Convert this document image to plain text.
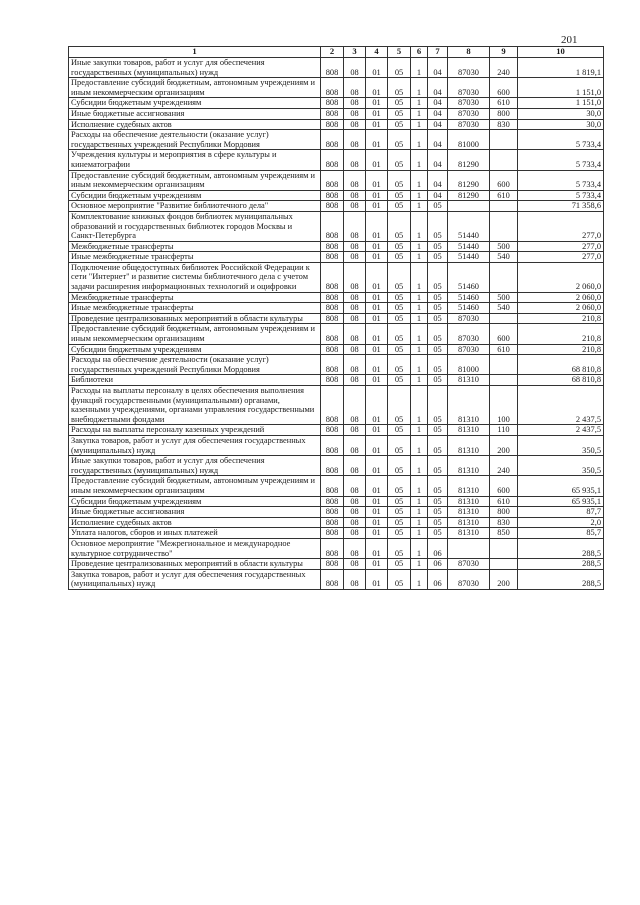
201
1	2	3	4	5	6	7	8	9	10
Иные закупки товаров, работ и услуг для обеспечения государственных (муниципальных) нужд	808	08	01	05	1	04	87030	240	1 819,1
Предоставление субсидий бюджетным, автономным учреждениям и иным некоммерческим организациям	808	08	01	05	1	04	87030	600	1 151,0
Субсидии бюджетным учреждениям	808	08	01	05	1	04	87030	610	1 151,0
Иные бюджетные ассигнования	808	08	01	05	1	04	87030	800	30,0
Исполнение судебных актов	808	08	01	05	1	04	87030	830	30,0
Расходы на обеспечение деятельности (оказание услуг) государственных учреждений Республики Мордовия	808	08	01	05	1	04	81000		5 733,4
Учреждения культуры и мероприятия в сфере культуры и кинематографии	808	08	01	05	1	04	81290		5 733,4
Предоставление субсидий бюджетным, автономным учреждениям и иным некоммерческим организациям	808	08	01	05	1	04	81290	600	5 733,4
Субсидии бюджетным учреждениям	808	08	01	05	1	04	81290	610	5 733,4
Основное мероприятие "Развитие библиотечного дела"	808	08	01	05	1	05			71 358,6
Комплектование книжных фондов библиотек муниципальных образований и государственных библиотек городов Москвы и Санкт-Петербурга	808	08	01	05	1	05	51440		277,0
Межбюджетные трансферты	808	08	01	05	1	05	51440	500	277,0
Иные межбюджетные трансферты	808	08	01	05	1	05	51440	540	277,0
Подключение общедоступных библиотек Российской Федерации к сети "Интернет" и развитие системы библиотечного дела с учетом задачи расширения информационных технологий и оцифровки	808	08	01	05	1	05	51460		2 060,0
Межбюджетные трансферты	808	08	01	05	1	05	51460	500	2 060,0
Иные межбюджетные трансферты	808	08	01	05	1	05	51460	540	2 060,0
Проведение централизованных мероприятий в области культуры	808	08	01	05	1	05	87030		210,8
Предоставление субсидий бюджетным, автономным учреждениям и иным некоммерческим организациям	808	08	01	05	1	05	87030	600	210,8
Субсидии бюджетным учреждениям	808	08	01	05	1	05	87030	610	210,8
Расходы на обеспечение деятельности (оказание услуг) государственных учреждений Республики Мордовия	808	08	01	05	1	05	81000		68 810,8
Библиотеки	808	08	01	05	1	05	81310		68 810,8
Расходы на выплаты персоналу в целях обеспечения выполнения функций государственными (муниципальными) органами, казенными учреждениями, органами управления государственными внебюджетными фондами	808	08	01	05	1	05	81310	100	2 437,5
Расходы на выплаты персоналу казенных учреждений	808	08	01	05	1	05	81310	110	2 437,5
Закупка товаров, работ и услуг для обеспечения государственных (муниципальных) нужд	808	08	01	05	1	05	81310	200	350,5
Иные закупки товаров, работ и услуг для обеспечения государственных (муниципальных) нужд	808	08	01	05	1	05	81310	240	350,5
Предоставление субсидий бюджетным, автономным учреждениям и иным некоммерческим организациям	808	08	01	05	1	05	81310	600	65 935,1
Субсидии бюджетным учреждениям	808	08	01	05	1	05	81310	610	65 935,1
Иные бюджетные ассигнования	808	08	01	05	1	05	81310	800	87,7
Исполнение судебных актов	808	08	01	05	1	05	81310	830	2,0
Уплата налогов, сборов и иных платежей	808	08	01	05	1	05	81310	850	85,7
Основное мероприятие "Межрегиональное и международное культурное сотрудничество"	808	08	01	05	1	06			288,5
Проведение централизованных мероприятий в области культуры	808	08	01	05	1	06	87030		288,5
Закупка товаров, работ и услуг для обеспечения государственных (муниципальных) нужд	808	08	01	05	1	06	87030	200	288,5
